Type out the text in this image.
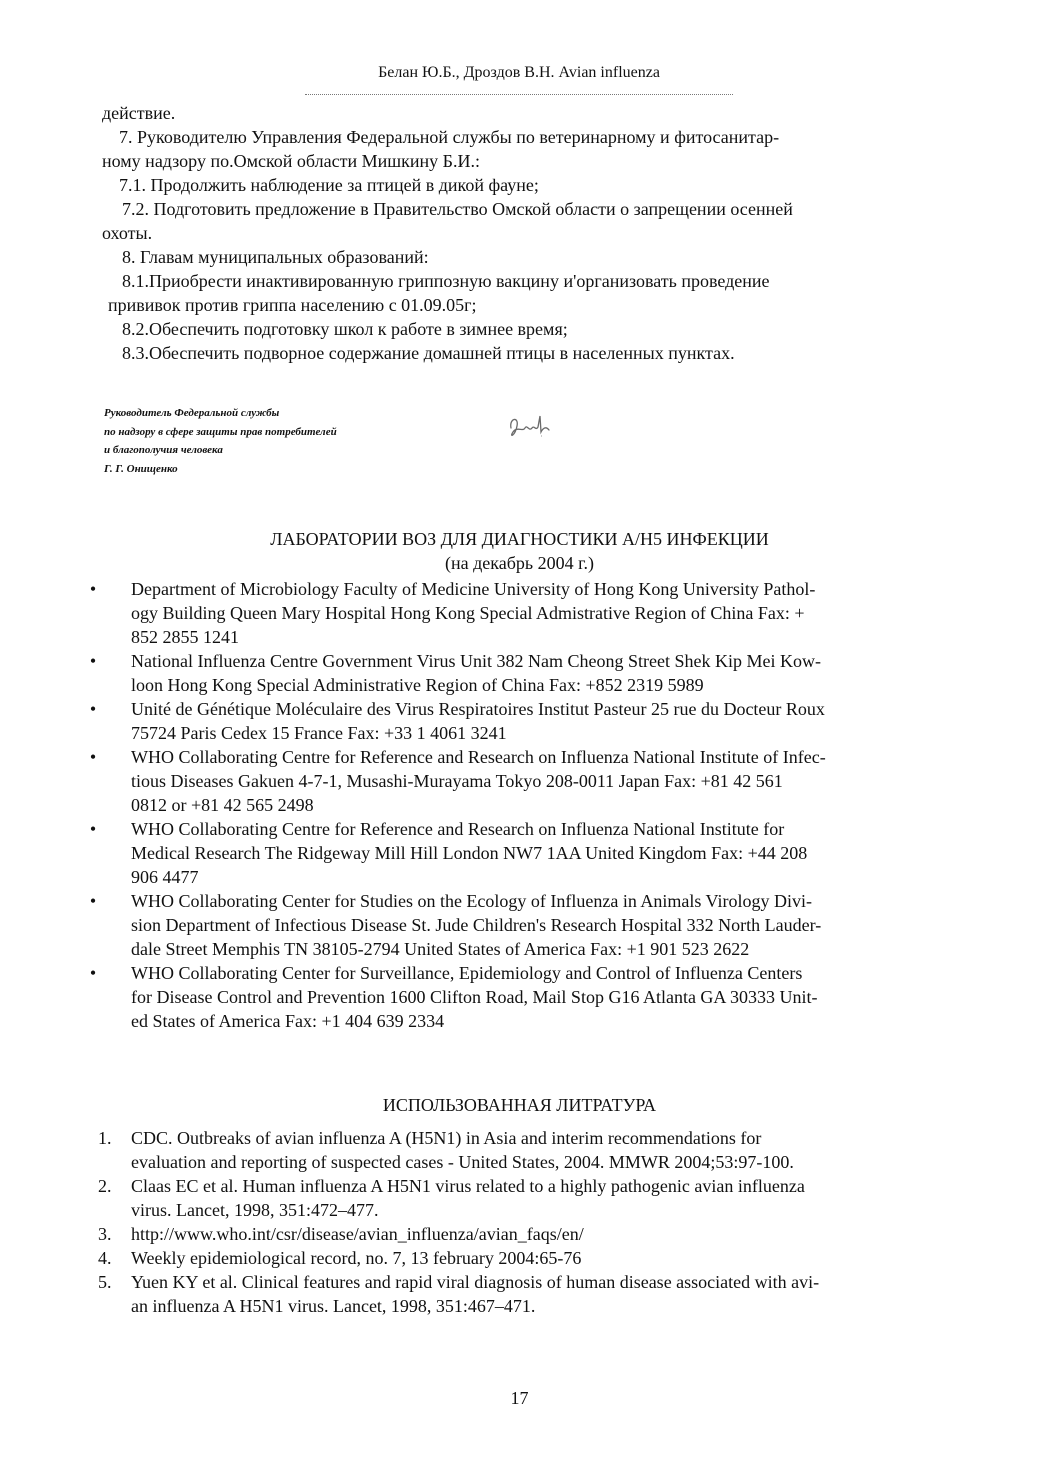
Белан Ю.Б., Дроздов В.Н. Avian influenza

действие.

7. Руководителю Управления Федеральной службы по ветеринарному и фитосанитар-

ному надзору по.Омской области Мишкину Б.И.:

7.1. Продолжить наблюдение за птицей в дикой фауне;

7.2. Подготовить предложение в Правительство Омской области о запрещении осенней

охоты.

8. Главам муниципальных образований:

8.1.Приобрести инактивированную гриппозную вакцину и'организовать проведение

прививок против гриппа населению с 01.09.05г;

8.2.Обеспечить подготовку школ к работе в зимнее время;

8.3.Обеспечить подворное содержание домашней птицы в населенных пунктах.

Руководитель Федеральной службы
по надзору в сфере защиты прав потребителей
и благополучия человека
Г. Г. Онищенко
ЛАБОРАТОРИИ ВОЗ ДЛЯ ДИАГНОСТИКИ А/Н5 ИНФЕКЦИИ
(на декабрь 2004 г.)
• Department of Microbiology Faculty of Medicine University of Hong Kong University Pathol-
ogy Building Queen Mary Hospital Hong Kong Special Admistrative Region of China Fax: +
852 2855 1241
• National Influenza Centre Government Virus Unit 382 Nam Cheong Street Shek Kip Mei Kow-
loon Hong Kong Special Administrative Region of China Fax: +852 2319 5989
• Unité de Génétique Moléculaire des Virus Respiratoires Institut Pasteur 25 rue du Docteur Roux
75724 Paris Cedex 15 France Fax: +33 1 4061 3241
• WHO Collaborating Centre for Reference and Research on Influenza National Institute of Infec-
tious Diseases Gakuen 4-7-1, Musashi-Murayama Tokyo 208-0011 Japan Fax: +81 42 561
0812 or +81 42 565 2498
• WHO Collaborating Centre for Reference and Research on Influenza National Institute for
Medical Research The Ridgeway Mill Hill London NW7 1AA United Kingdom Fax: +44 208
906 4477
• WHO Collaborating Center for Studies on the Ecology of Influenza in Animals Virology Divi-
sion Department of Infectious Disease St. Jude Children's Research Hospital 332 North Lauder-
dale Street Memphis TN 38105-2794 United States of America Fax: +1 901 523 2622
• WHO Collaborating Center for Surveillance, Epidemiology and Control of Influenza Centers
for Disease Control and Prevention 1600 Clifton Road, Mail Stop G16 Atlanta GA 30333 Unit-
ed States of America Fax: +1 404 639 2334
ИСПОЛЬЗОВАННАЯ ЛИТРАТУРА
1. CDC. Outbreaks of avian influenza A (H5N1) in Asia and interim recommendations for
evaluation and reporting of suspected cases - United States, 2004. MMWR 2004;53:97-100.
2. Claas EC et al. Human influenza A H5N1 virus related to a highly pathogenic avian influenza
virus. Lancet, 1998, 351:472–477.
3. http://www.who.int/csr/disease/avian_influenza/avian_faqs/en/
4. Weekly epidemiological record, no. 7, 13 february 2004:65-76
5. Yuen KY et al. Clinical features and rapid viral diagnosis of human disease associated with avi-
an influenza A H5N1 virus. Lancet, 1998, 351:467–471.
17
